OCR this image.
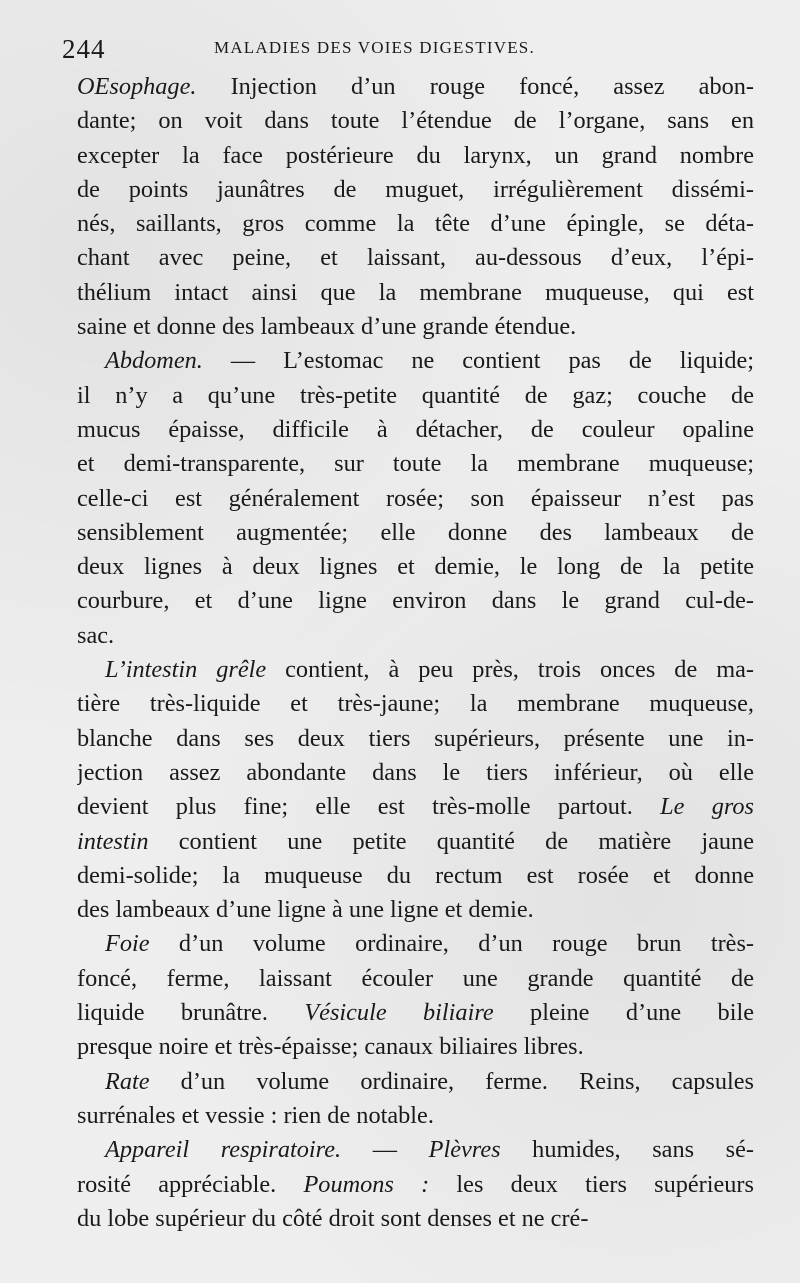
244	MALADIES DES VOIES DIGESTIVES.
OEsophage. Injection d’un rouge foncé, assez abon-
dante; on voit dans toute l’étendue de l’organe, sans en
excepter la face postérieure du larynx, un grand nombre
de points jaunâtres de muguet, irrégulièrement dissémi-
nés, saillants, gros comme la tête d’une épingle, se déta-
chant avec peine, et laissant, au-dessous d’eux, l’épi-
thélium intact ainsi que la membrane muqueuse, qui est
saine et donne des lambeaux d’une grande étendue.
Abdomen. — L’estomac ne contient pas de liquide;
il n’y a qu’une très-petite quantité de gaz; couche de
mucus épaisse, difficile à détacher, de couleur opaline
et demi-transparente, sur toute la membrane muqueuse;
celle-ci est généralement rosée; son épaisseur n’est pas
sensiblement augmentée; elle donne des lambeaux de
deux lignes à deux lignes et demie, le long de la petite
courbure, et d’une ligne environ dans le grand cul-de-
sac.
L’intestin grêle contient, à peu près, trois onces de ma-
tière très-liquide et très-jaune; la membrane muqueuse,
blanche dans ses deux tiers supérieurs, présente une in-
jection assez abondante dans le tiers inférieur, où elle
devient plus fine; elle est très-molle partout. Le gros
intestin contient une petite quantité de matière jaune
demi-solide; la muqueuse du rectum est rosée et donne
des lambeaux d’une ligne à une ligne et demie.
Foie d’un volume ordinaire, d’un rouge brun très-
foncé, ferme, laissant écouler une grande quantité de
liquide brunâtre. Vésicule biliaire pleine d’une bile
presque noire et très-épaisse; canaux biliaires libres.
Rate d’un volume ordinaire, ferme. Reins, capsules
surrénales et vessie : rien de notable.
Appareil respiratoire. — Plèvres humides, sans sé-
rosité appréciable. Poumons : les deux tiers supérieurs
du lobe supérieur du côté droit sont denses et ne cré-
